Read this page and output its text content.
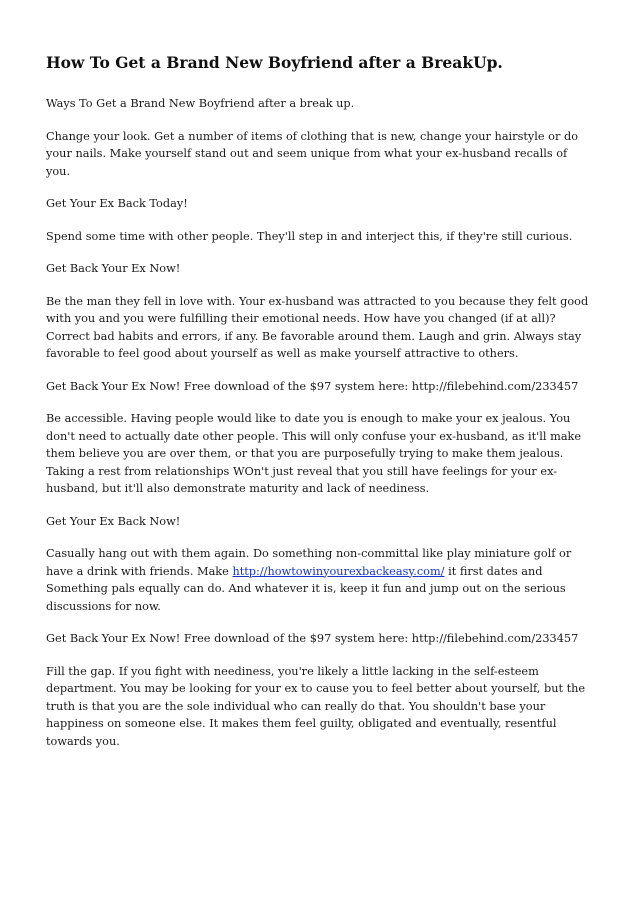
How To Get a Brand New Boyfriend after a BreakUp.

Ways To Get a Brand New Boyfriend after a break up.

Change your look. Get a number of items of clothing that is new, change your hairstyle or do your nails. Make yourself stand out and seem unique from what your ex-husband recalls of you.

Get Your Ex Back Today!

Spend some time with other people. They'll step in and interject this, if they're still curious.

Get Back Your Ex Now!

Be the man they fell in love with. Your ex-husband was attracted to you because they felt good with you and you were fulfilling their emotional needs. How have you changed (if at all)? Correct bad habits and errors, if any. Be favorable around them. Laugh and grin. Always stay favorable to feel good about yourself as well as make yourself attractive to others.

Get Back Your Ex Now! Free download of the $97 system here: http://filebehind.com/233457

Be accessible. Having people would like to date you is enough to make your ex jealous. You don't need to actually date other people. This will only confuse your ex-husband, as it'll make them believe you are over them, or that you are purposefully trying to make them jealous. Taking a rest from relationships WOn't just reveal that you still have feelings for your ex-husband, but it'll also demonstrate maturity and lack of neediness.

Get Your Ex Back Now!

Casually hang out with them again. Do something non-committal like play miniature golf or have a drink with friends. Make http://howtowinyourexbackeasy.com/ it first dates and Something pals equally can do. And whatever it is, keep it fun and jump out on the serious discussions for now.

Get Back Your Ex Now! Free download of the $97 system here: http://filebehind.com/233457

Fill the gap. If you fight with neediness, you're likely a little lacking in the self-esteem department. You may be looking for your ex to cause you to feel better about yourself, but the truth is that you are the sole individual who can really do that. You shouldn't base your happiness on someone else. It makes them feel guilty, obligated and eventually, resentful towards you.
